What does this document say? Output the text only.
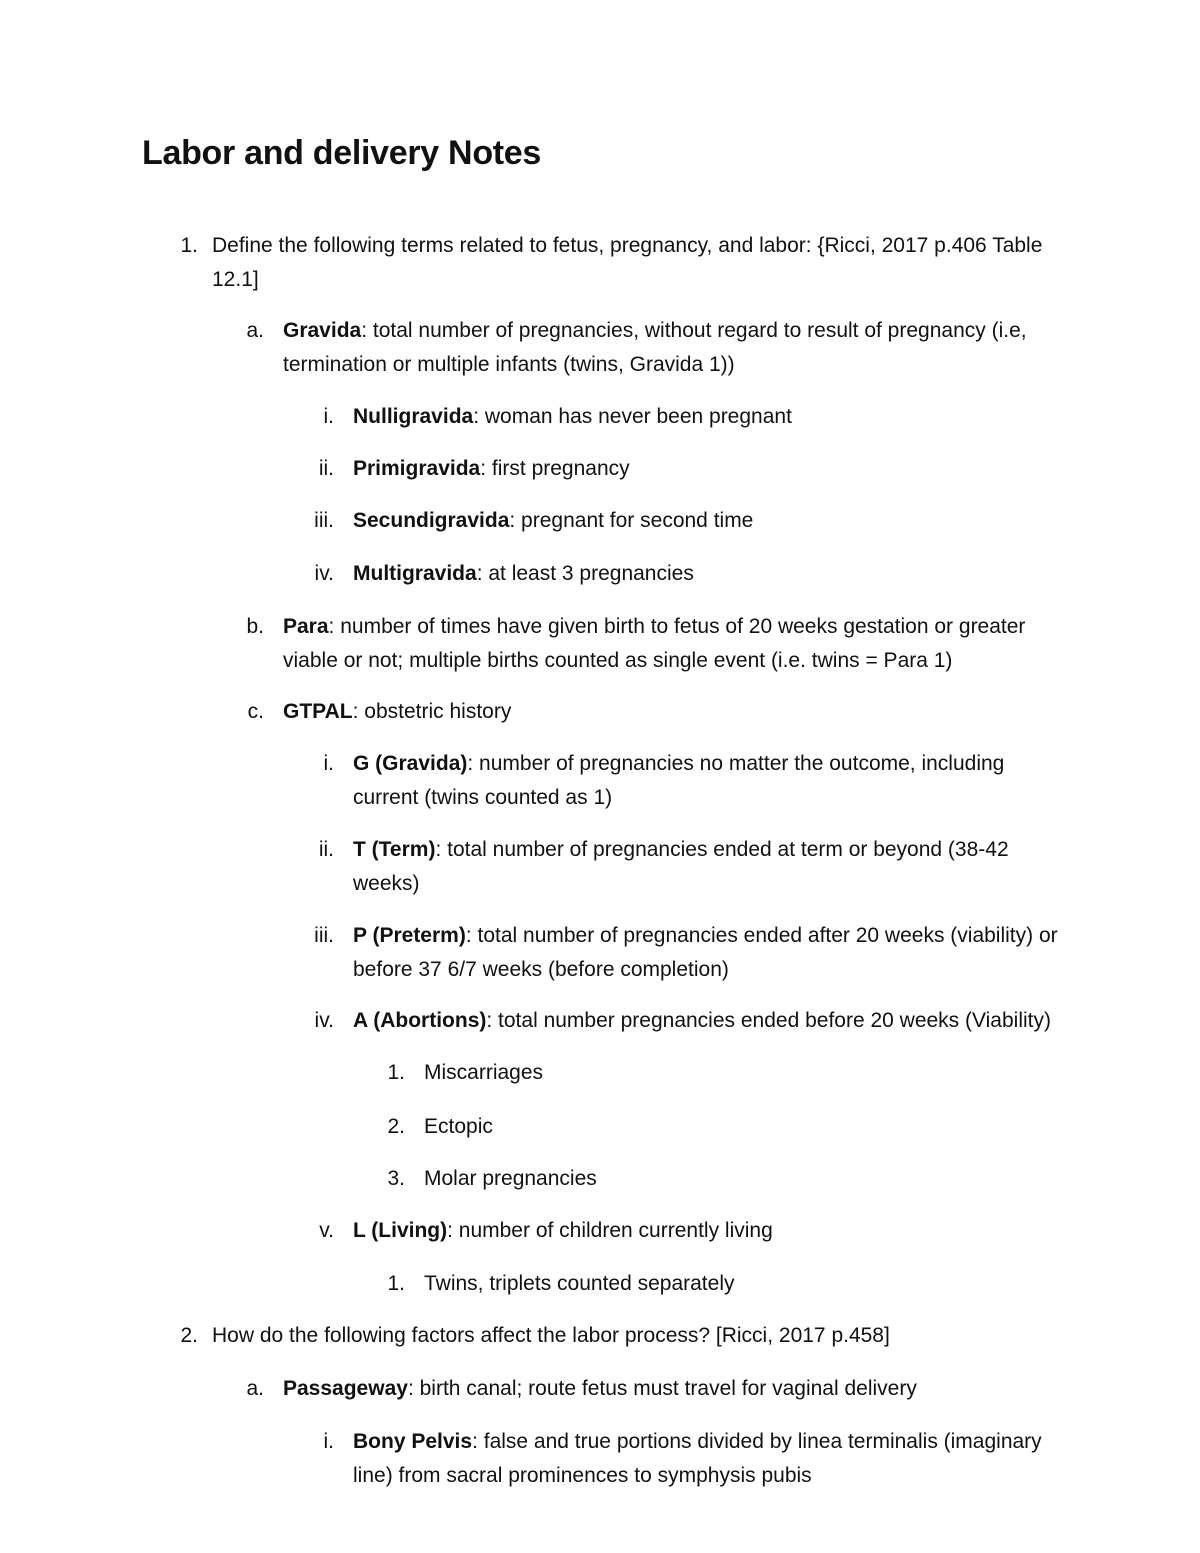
Labor and delivery Notes
1. Define the following terms related to fetus, pregnancy, and labor: {Ricci, 2017 p.406 Table
12.1]
a. Gravida: total number of pregnancies, without regard to result of pregnancy (i.e,
termination or multiple infants (twins, Gravida 1))
i. Nulligravida: woman has never been pregnant
ii. Primigravida: first pregnancy
iii. Secundigravida: pregnant for second time
iv. Multigravida: at least 3 pregnancies
b. Para: number of times have given birth to fetus of 20 weeks gestation or greater
viable or not; multiple births counted as single event (i.e. twins = Para 1)
c. GTPAL: obstetric history
i. G (Gravida): number of pregnancies no matter the outcome, including
current (twins counted as 1)
ii. T (Term): total number of pregnancies ended at term or beyond (38-42
weeks)
iii. P (Preterm): total number of pregnancies ended after 20 weeks (viability) or
before 37 6/7 weeks (before completion)
iv. A (Abortions): total number pregnancies ended before 20 weeks (Viability)
1. Miscarriages
2. Ectopic
3. Molar pregnancies
v. L (Living): number of children currently living
1. Twins, triplets counted separately
2. How do the following factors affect the labor process? [Ricci, 2017 p.458]
a. Passageway: birth canal; route fetus must travel for vaginal delivery
i. Bony Pelvis: false and true portions divided by linea terminalis (imaginary
line) from sacral prominences to symphysis pubis
